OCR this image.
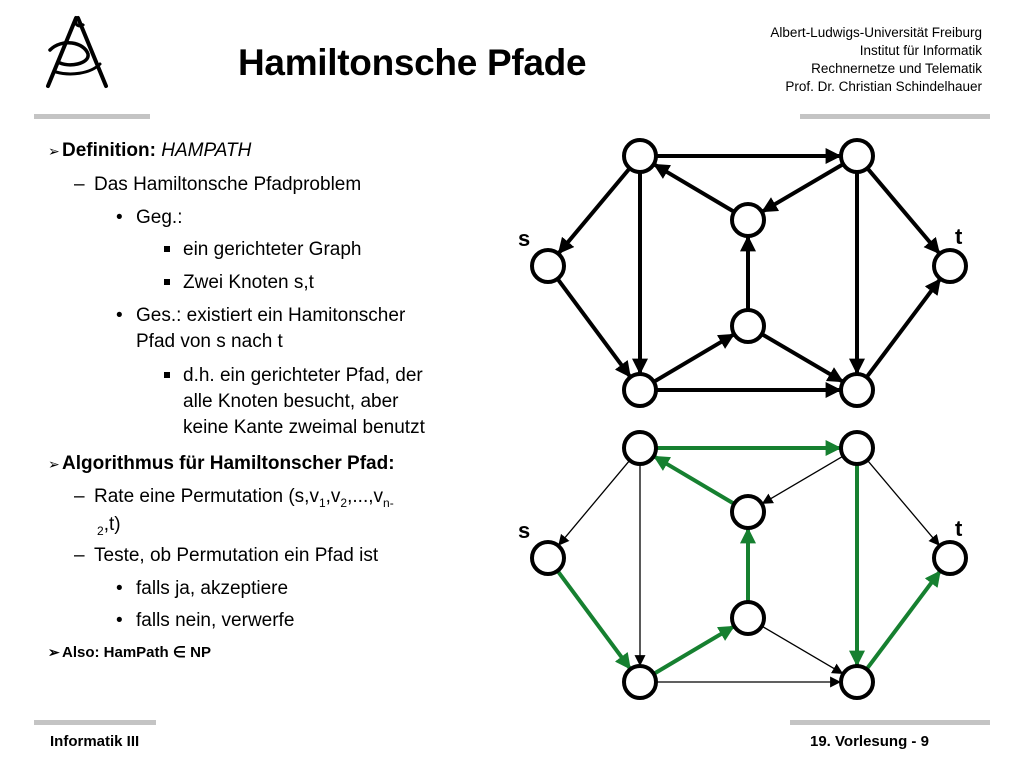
Hamiltonsche Pfade
Albert-Ludwigs-Universität Freiburg
Institut für Informatik
Rechnernetze und Telematik
Prof. Dr. Christian Schindelhauer
➢ Definition: HAMPATH
– Das Hamiltonsche Pfadproblem
• Geg.:
ein gerichteter Graph
Zwei Knoten s,t
• Ges.: existiert ein Hamitonscher
Pfad von s nach t
d.h. ein gerichteter Pfad, der
alle Knoten besucht, aber
keine Kante zweimal benutzt
➢ Algorithmus für Hamiltonscher Pfad:
– Rate eine Permutation ($s,v_1,v_2,...,v_{n-}$
$_2$,t)
– Teste, ob Permutation ein Pfad ist
• falls ja, akzeptiere
• falls nein, verwerfe
➢ Also: HamPath ∈ NP
s	t
s	t
Informatik III	19. Vorlesung - 9
